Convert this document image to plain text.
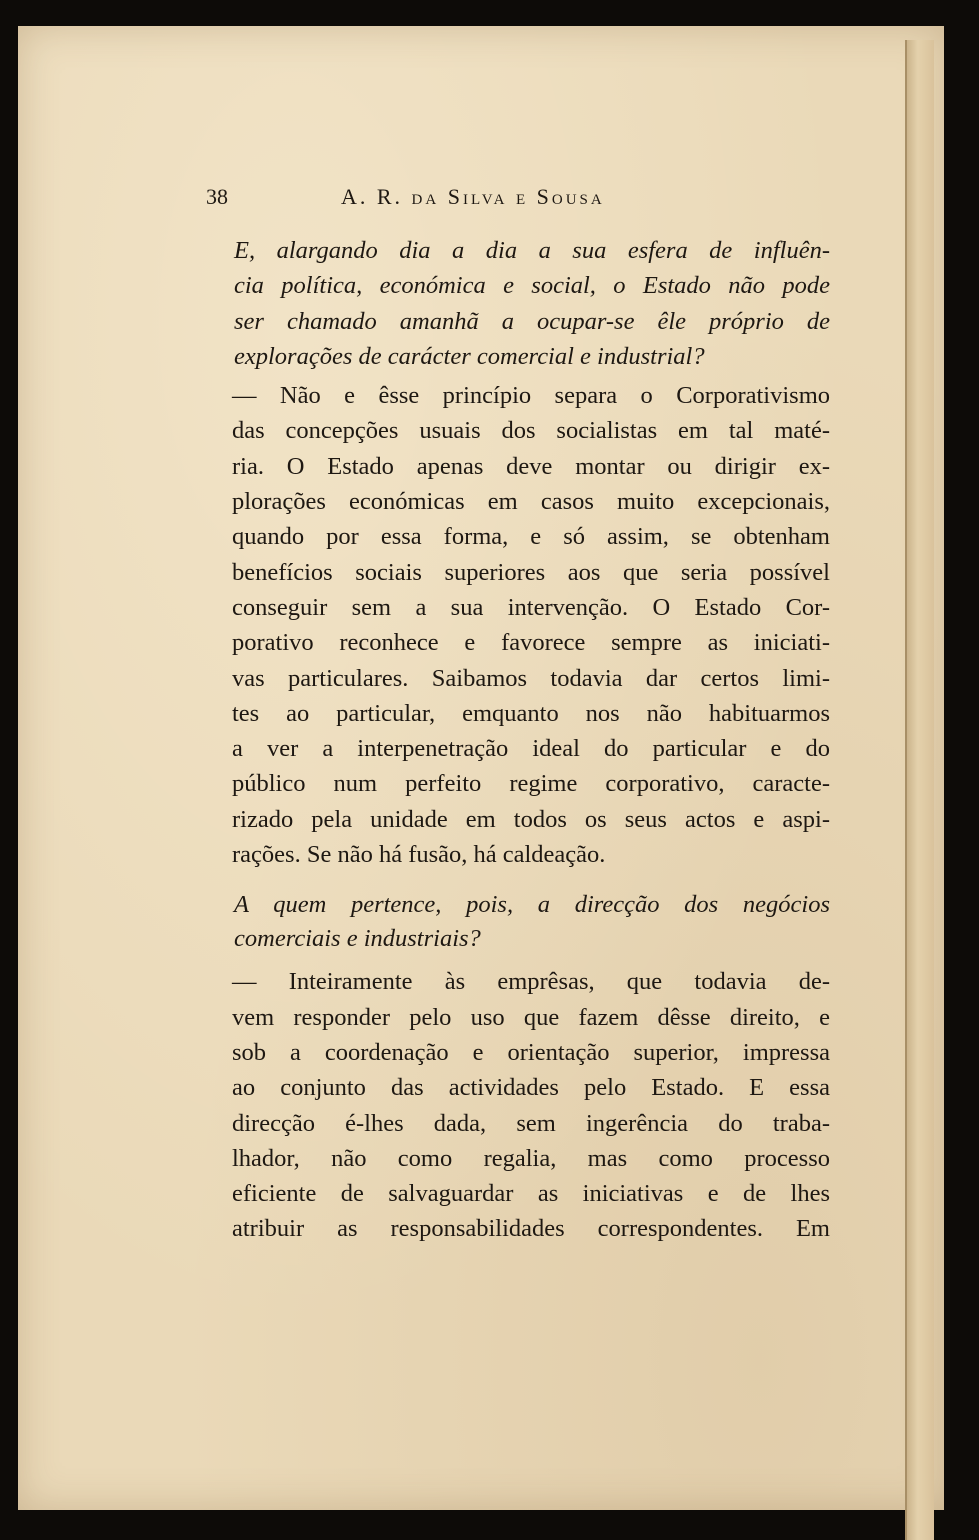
38	A. R. da Silva e Sousa

E, alargando dia a dia a sua esfera de influên-
cia política, económica e social, o Estado não pode
ser chamado amanhã a ocupar-se êle próprio de
explorações de carácter comercial e industrial?

— Não e êsse princípio separa o Corporativismo
das concepções usuais dos socialistas em tal maté-
ria. O Estado apenas deve montar ou dirigir ex-
plorações económicas em casos muito excepcionais,
quando por essa forma, e só assim, se obtenham
benefícios sociais superiores aos que seria possível
conseguir sem a sua intervenção. O Estado Cor-
porativo reconhece e favorece sempre as iniciati-
vas particulares. Saibamos todavia dar certos limi-
tes ao particular, emquanto nos não habituarmos
a ver a interpenetração ideal do particular e do
público num perfeito regime corporativo, caracte-
rizado pela unidade em todos os seus actos e aspi-
rações. Se não há fusão, há caldeação.

A quem pertence, pois, a direcção dos negócios
comerciais e industriais?

— Inteiramente às emprêsas, que todavia de-
vem responder pelo uso que fazem dêsse direito, e
sob a coordenação e orientação superior, impressa
ao conjunto das actividades pelo Estado. E essa
direcção é-lhes dada, sem ingerência do traba-
lhador, não como regalia, mas como processo
eficiente de salvaguardar as iniciativas e de lhes
atribuir as responsabilidades correspondentes. Em
